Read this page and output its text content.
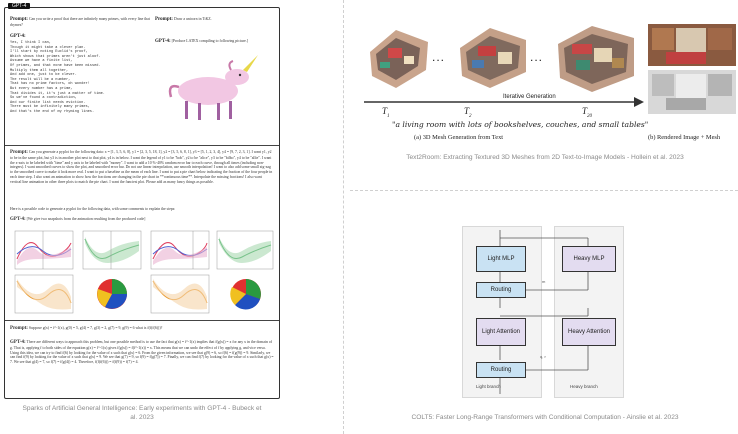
GPT-4
Prompt: Can you write a proof that there are infinitely many primes, with every line that rhymes?
GPT-4:
Yes, I think I can,
Though it might take a clever plan.
I'll start by noting Euclid's proof,
Which shows that primes aren't just aloof.
Assume we have a finite list,
Of primes, and that none have been missed.
Multiply them all together,
And add one, just to be clever.
The result will be a number,
That has no prime factors, oh wonder!
But every number has a prime,
That divides it, it's just a matter of time.
So we've found a contradiction,
And our finite list needs eviction.
There must be infinitely many primes,
And that's the end of my rhyming lines.
Prompt: Draw a unicorn in TiKZ.
GPT-4: [Produce LATEX compiling to following picture.]
Prompt: Can you generate a pyplot for the following data: x = [1, 3, 5, 6, 8], y1 = [2, 3, 5, 18, 1], y2 = [3, 5, 6, 8, 1], y3 = [5, 1, 2, 3, 4], y4 = [9, 7, 2, 3, 1]. I want y1, y2 to be in the same plot, but y3 is in another plot next to that plot, y4 is in below. I want the legend of y1 to be "bob", y2 to be "alice", y3 to be "bilbo", y4 to be "allie". I want the x-axis to be labeled with "time" and y axis to be labeled with "money". I want to add a 10 %-40% random error bar to each curve, through all times (including non-integers). I want smoothed curves to show the plot, and smoothed error bar. Do not use linear interpolation, use smooth interpolation! I want to also add some small zig-zag to the smoothed curve to make it look more real. I want to put a baseline as the mean of each line. I want to put a pie chart below indicating the fraction of the four people in each time step. I also want an animation to show how the fractions are changing in the pie chart in **continuous time**. Interpolate the missing fractions! I also want vertical line animation in other three plots to match the pie chart. I want the fanciest plot. Please add as many fancy things as possible.
Here is a possible code to generate a pyplot for the following data, with some comments to explain the steps:
GPT-4: [We give two snapshots from the animation resulting from the produced code]
Prompt: Suppose g(x) = f^-1(x), g(0) = 5, g(4) = 7, g(3) = 2, g(7) = 9, g(9) = 6 what is f(f(f(6)))?
GPT-4: There are different ways to approach this problem, but one possible method is to use the fact that g(x) = f^-1(x) implies that f(g(x)) = x for any x in the domain of g. That is, applying f to both sides of the equation g(x) = f^-1(x) gives f(g(x)) = f(f^-1(x)) = x. This means that we can undo the effect of f by applying g, and vice versa. Using this idea, we can try to find f(6) by looking for the value of x such that g(x) = 6. From the given information, we see that g(9) = 6, so f(6) = f(g(9)) = 9. Similarly, we can find f(9) by looking for the value of x such that g(x) = 9. We see that g(7) = 9, so f(9) = f(g(7)) = 7. Finally, we can find f(7) by looking for the value of x such that g(x) = 7. We see that g(4) = 7, so f(7) = f(g(4)) = 4. Therefore, f(f(f(6))) = f(f(9)) = f(7) = 4.
Sparks of Artificial General Intelligence: Early experiments with GPT-4 - Bubeck et al. 2023
...	...
Iterative Generation
$T_1$
$T_2$
$T_{20}$
"a living room with lots of bookshelves, couches, and small tables"
(a) 3D Mesh Generation from Text	(b) Rendered Image + Mesh
Text2Room: Extracting Textured 3D Meshes from 2D Text-to-Image Models - Hollein et al. 2023
Light MLP	Heavy MLP
Routing
Light Attention	Heavy Attention
Routing
m
q, r
Light branch	Heavy branch
COLT5: Faster Long-Range Transformers with Conditional Computation - Ainslie et al. 2023
